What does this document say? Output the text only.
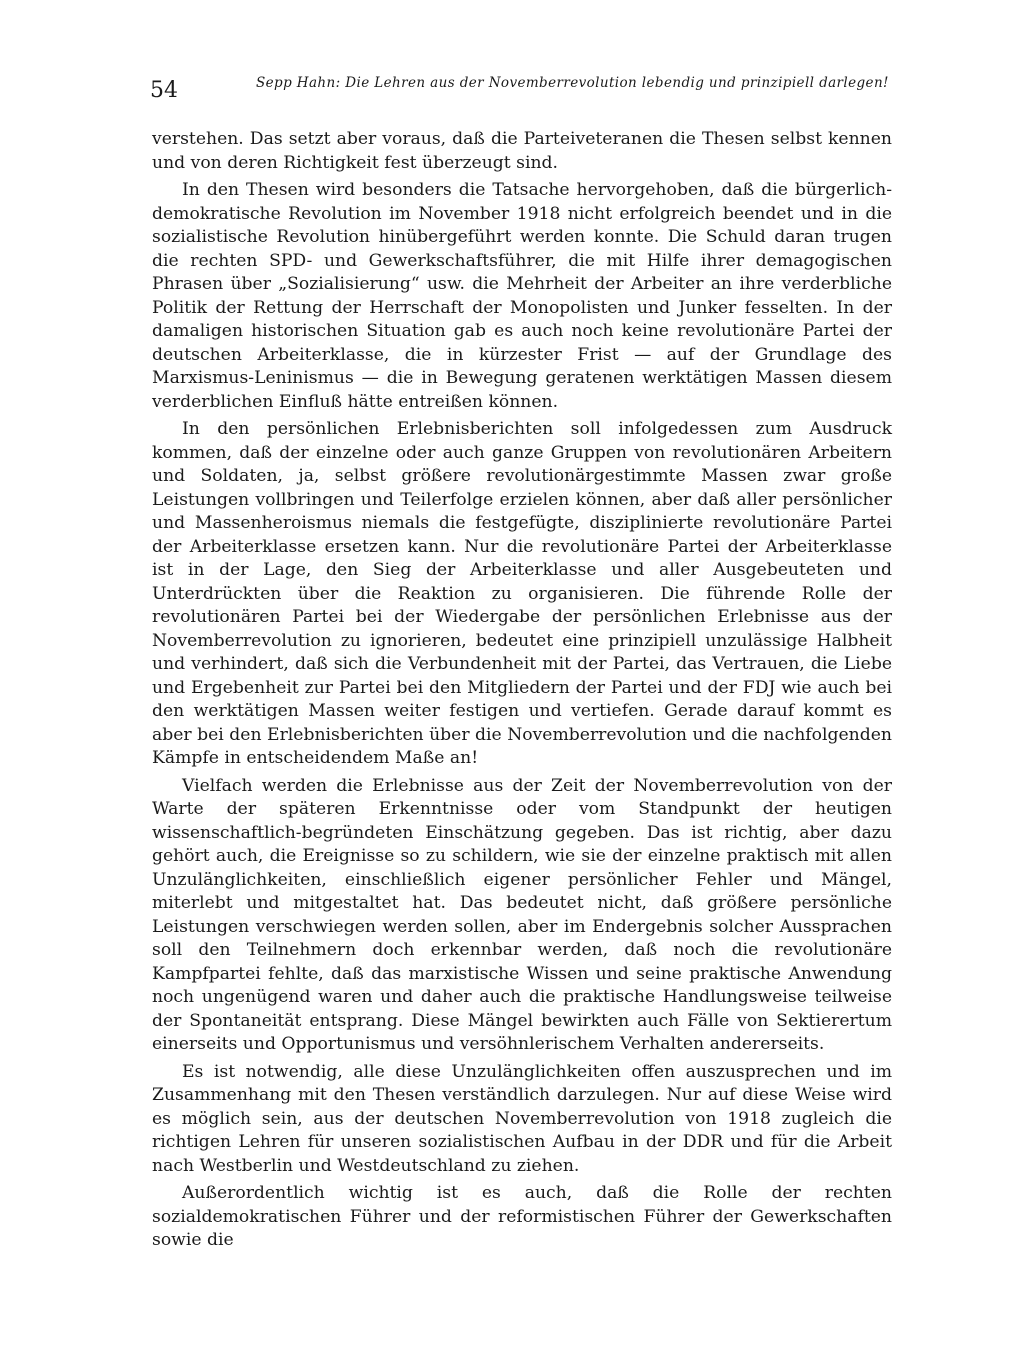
54	Sepp Hahn: Die Lehren aus der Novemberrevolution lebendig und prinzipiell darlegen!

verstehen. Das setzt aber voraus, daß die Parteiveteranen die Thesen selbst kennen und von deren Richtigkeit fest überzeugt sind.

In den Thesen wird besonders die Tatsache hervorgehoben, daß die bürgerlich-demokratische Revolution im November 1918 nicht erfolgreich beendet und in die sozialistische Revolution hinübergeführt werden konnte. Die Schuld daran trugen die rechten SPD- und Gewerkschaftsführer, die mit Hilfe ihrer demagogischen Phrasen über „Sozialisierung“ usw. die Mehrheit der Arbeiter an ihre verderbliche Politik der Rettung der Herrschaft der Monopolisten und Junker fesselten. In der damaligen historischen Situation gab es auch noch keine revolutionäre Partei der deutschen Arbeiterklasse, die in kürzester Frist — auf der Grundlage des Marxismus-Leninismus — die in Bewegung geratenen werktätigen Massen diesem verderblichen Einfluß hätte entreißen können.

In den persönlichen Erlebnisberichten soll infolgedessen zum Ausdruck kommen, daß der einzelne oder auch ganze Gruppen von revolutionären Arbeitern und Soldaten, ja, selbst größere revolutionärgestimmte Massen zwar große Leistungen vollbringen und Teilerfolge erzielen können, aber daß aller persönlicher und Massenheroismus niemals die festgefügte, disziplinierte revolutionäre Partei der Arbeiterklasse ersetzen kann. Nur die revolutionäre Partei der Arbeiterklasse ist in der Lage, den Sieg der Arbeiterklasse und aller Ausgebeuteten und Unterdrückten über die Reaktion zu organisieren. Die führende Rolle der revolutionären Partei bei der Wiedergabe der persönlichen Erlebnisse aus der Novemberrevolution zu ignorieren, bedeutet eine prinzipiell unzulässige Halbheit und verhindert, daß sich die Verbundenheit mit der Partei, das Vertrauen, die Liebe und Ergebenheit zur Partei bei den Mitgliedern der Partei und der FDJ wie auch bei den werktätigen Massen weiter festigen und vertiefen. Gerade darauf kommt es aber bei den Erlebnisberichten über die Novemberrevolution und die nachfolgenden Kämpfe in entscheidendem Maße an!

Vielfach werden die Erlebnisse aus der Zeit der Novemberrevolution von der Warte der späteren Erkenntnisse oder vom Standpunkt der heutigen wissenschaftlich-begründeten Einschätzung gegeben. Das ist richtig, aber dazu gehört auch, die Ereignisse so zu schildern, wie sie der einzelne praktisch mit allen Unzulänglichkeiten, einschließlich eigener persönlicher Fehler und Mängel, miterlebt und mitgestaltet hat. Das bedeutet nicht, daß größere persönliche Leistungen verschwiegen werden sollen, aber im Endergebnis solcher Aussprachen soll den Teilnehmern doch erkennbar werden, daß noch die revolutionäre Kampfpartei fehlte, daß das marxistische Wissen und seine praktische Anwendung noch ungenügend waren und daher auch die praktische Handlungsweise teilweise der Spontaneität entsprang. Diese Mängel bewirkten auch Fälle von Sektierertum einerseits und Opportunismus und versöhnlerischem Verhalten andererseits.

Es ist notwendig, alle diese Unzulänglichkeiten offen auszusprechen und im Zusammenhang mit den Thesen verständlich darzulegen. Nur auf diese Weise wird es möglich sein, aus der deutschen Novemberrevolution von 1918 zugleich die richtigen Lehren für unseren sozialistischen Aufbau in der DDR und für die Arbeit nach Westberlin und Westdeutschland zu ziehen.

Außerordentlich wichtig ist es auch, daß die Rolle der rechten sozialdemokratischen Führer und der reformistischen Führer der Gewerkschaften sowie die
